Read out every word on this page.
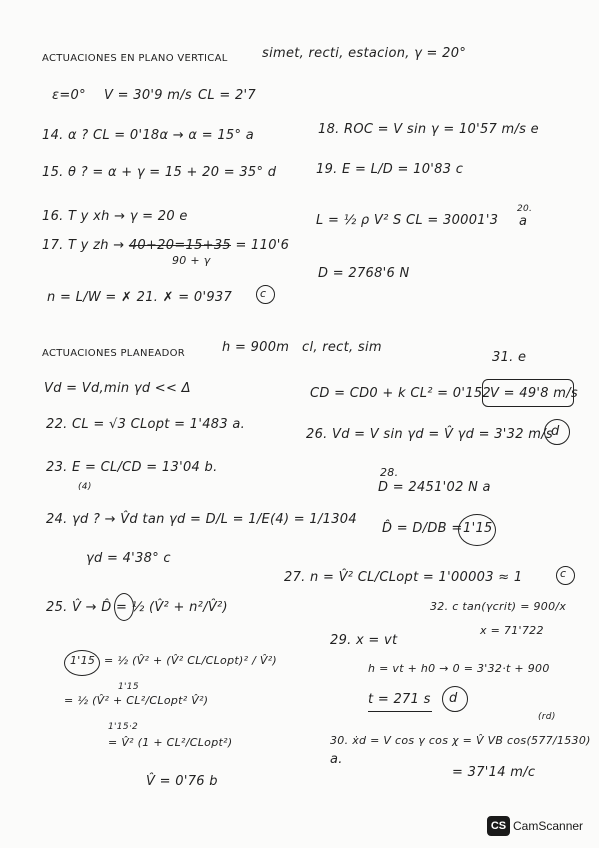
ACTUACIONES EN PLANO VERTICAL	simet, recti, estacion, γ = 20°
ε=0° V = 30'9 m/s CL = 2'7
14. α ? CL = 0'18α → α = 15° a
15. θ ? = α + γ = 15 + 20 = 35° d
16. T y xh → γ = 20 e
17. T y zh → 40+20=15+35 = 110'6
90 + γ
18. ROC = V sin γ = 10'57 m/s e
19. E = L/D = 10'83 c
L = ½ ρ V² S CL = 30001'3
20.
a
D = 2768'6 N
n = L/W = ✗ 21. ✗ = 0'937	c
ACTUACIONES PLANEADOR	h = 900m cl, rect, sim
31. e
Vd = Vd,min γd << Δ	CD = CD0 + k CL² = 0'152 V = 49'8 m/s
22. CL = √3 CLopt = 1'483 a.
26. Vd = V sin γd = V̂ γd = 3'32 m/s
d
28.
D = 2451'02 N a
23. E = CL/CD = 13'04 b.
(4)
24. γd ? → V̂d tan γd = D/L = 1/E(4) = 1/1304
D̂ = D/DB = 1'15
γd = 4'38° c
27. n = V̂² CL/CLopt = 1'00003 ≈ 1	c
25. V̂ → D̂ = ½ (V̂² + n²/V̂²)	32. c tan(γcrit) = 900/x
x = 71'722
1'15 = ½ (V̂² + (V̂² CL/CLopt)² / V̂²)
29. x = vt
h = vt + h0 → 0 = 3'32·t + 900
t = 271 s d
1'15
= ½ (V̂² + CL²/CLopt² V̂²)
1'15·2
= V̂² (1 + CL²/CLopt²)
(rd)
30. ẋd = V cos γ cos χ = V̂ VB cos(577/1530)
a.
= 37'14 m/c
V̂ = 0'76 b
CS CamScanner
